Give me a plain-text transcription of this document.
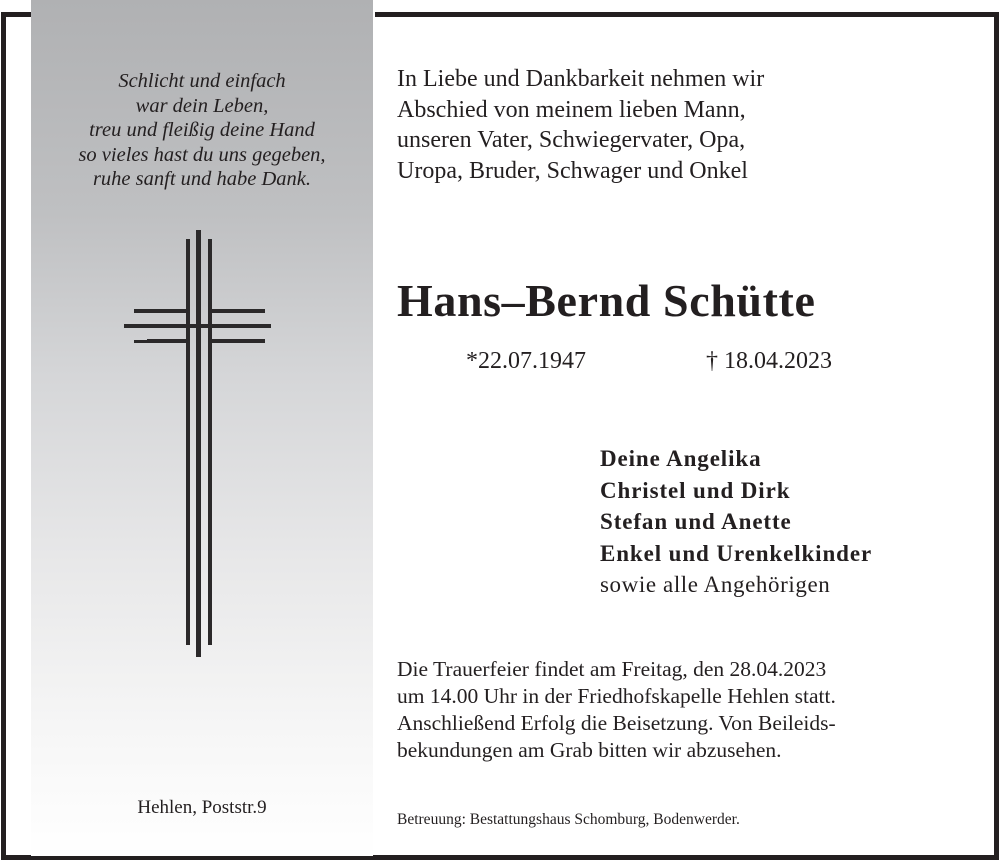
Schlicht und einfach
war dein Leben,
treu und fleißig deine Hand
so vieles hast du uns gegeben,
ruhe sanft und habe Dank.
Hehlen, Poststr.9
In Liebe und Dankbarkeit nehmen wir
Abschied von meinem lieben Mann,
unseren Vater, Schwiegervater, Opa,
Uropa, Bruder, Schwager und Onkel
Hans–Bernd Schütte
*22.07.1947	† 18.04.2023
Deine Angelika
Christel und Dirk
Stefan und Anette
Enkel und Urenkelkinder
sowie alle Angehörigen
Die Trauerfeier findet am Freitag, den 28.04.2023
um 14.00 Uhr in der Friedhofskapelle Hehlen statt.
Anschließend Erfolg die Beisetzung. Von Beileids-
bekundungen am Grab bitten wir abzusehen.
Betreuung: Bestattungshaus Schomburg, Bodenwerder.
